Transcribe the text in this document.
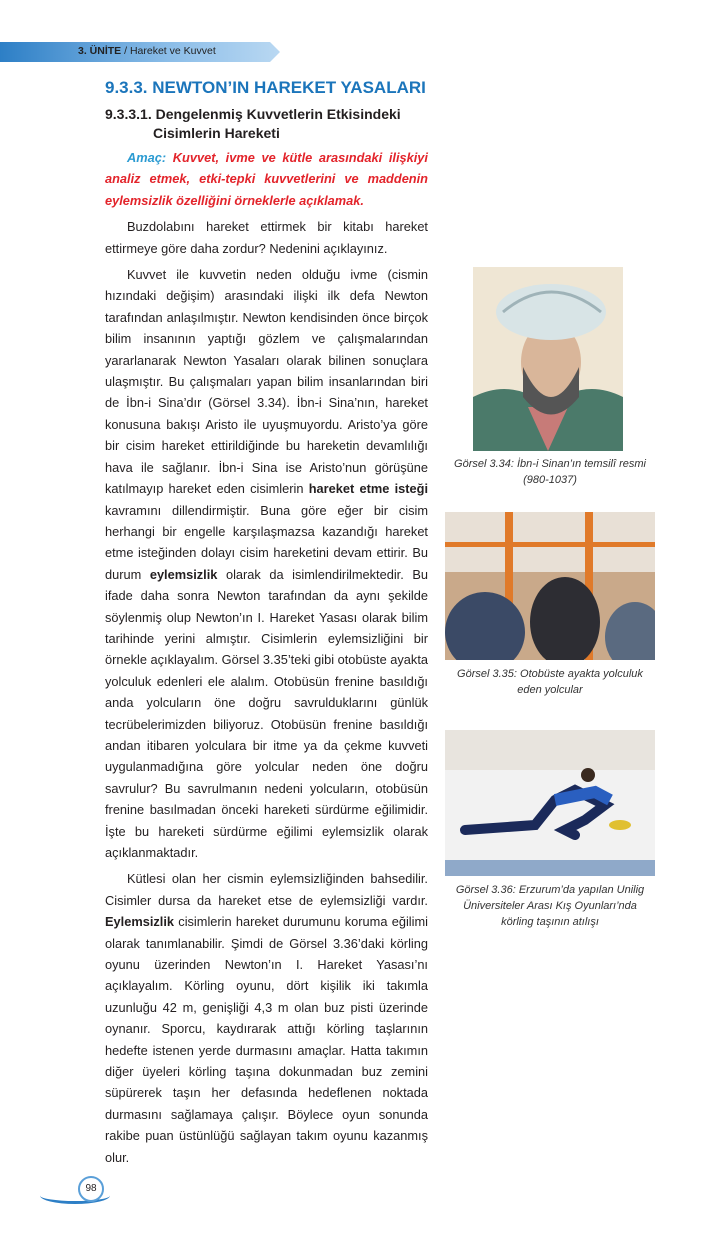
3. ÜNİTE / Hareket ve Kuvvet
9.3.3. NEWTON’IN HAREKET YASALARI
9.3.3.1. Dengelenmiş Kuvvetlerin Etkisindeki
Cisimlerin Hareketi
Amaç: Kuvvet, ivme ve kütle arasındaki ilişkiyi analiz etmek, etki-tepki kuvvetlerini ve maddenin eylemsizlik özelliğini örneklerle açıklamak.
Buzdolabını hareket ettirmek bir kitabı hareket ettirmeye göre daha zordur? Nedenini açıklayınız.
Kuvvet ile kuvvetin neden olduğu ivme (cismin hızındaki değişim) arasındaki ilişki ilk defa Newton tarafından anlaşılmıştır. Newton kendisinden önce birçok bilim insanının yaptığı gözlem ve çalışmalarından yararlanarak Newton Yasaları olarak bilinen sonuçlara ulaşmıştır. Bu çalışmaları yapan bilim insanlarından biri de İbn-i Sina’dır (Görsel 3.34). İbn-i Sina’nın, hareket konusuna bakışı Aristo ile uyuşmuyordu. Aristo’ya göre bir cisim hareket ettirildiğinde bu hareketin devamlılığı hava ile sağlanır. İbn-i Sina ise Aristo’nun görüşüne katılmayıp hareket eden cisimlerin hareket etme isteği kavramını dillendirmiştir. Buna göre eğer bir cisim herhangi bir engelle karşılaşmazsa kazandığı hareket etme isteğinden dolayı cisim hareketini devam ettirir. Bu durum eylemsizlik olarak da isimlendirilmektedir. Bu ifade daha sonra Newton tarafından da aynı şekilde söylenmiş olup Newton’ın I. Hareket Yasası olarak bilim tarihinde yerini almıştır. Cisimlerin eylemsizliğini bir örnekle açıklayalım. Görsel 3.35’teki gibi otobüste ayakta yolculuk edenleri ele alalım. Otobüsün frenine basıldığı anda yolcuların öne doğru savrulduklarını günlük tecrübelerimizden biliyoruz. Otobüsün frenine basıldığı andan itibaren yolculara bir itme ya da çekme kuvveti uygulanmadığına göre yolcular neden öne doğru savrulur? Bu savrulmanın nedeni yolcuların, otobüsün frenine basılmadan önceki hareketi sürdürme eğilimidir. İşte bu hareketi sürdürme eğilimi eylemsizlik olarak açıklanmaktadır.
Kütlesi olan her cismin eylemsizliğinden bahsedilir. Cisimler dursa da hareket etse de eylemsizliği vardır. Eylemsizlik cisimlerin hareket durumunu koruma eğilimi olarak tanımlanabilir. Şimdi de Görsel 3.36’daki körling oyunu üzerinden Newton’ın I. Hareket Yasası’nı açıklayalım. Körling oyunu, dört kişilik iki takımla uzunluğu 42 m, genişliği 4,3 m olan buz pisti üzerinde oynanır. Sporcu, kaydırarak attığı körling taşlarının hedefte istenen yerde durmasını amaçlar. Hatta takımın diğer üyeleri körling taşına dokunmadan buz zemini süpürerek taşın her defasında hedeflenen noktada durmasını sağlamaya çalışır. Böylece oyun sonunda rakibe puan üstünlüğü sağlayan takım oyunu kazanmış olur.
98
Görsel 3.34: İbn-i Sinan’ın temsilî resmi (980-1037)
Görsel 3.35: Otobüste ayakta yolculuk eden yolcular
Görsel 3.36: Erzurum’da yapılan Unilig Üniversiteler Arası Kış Oyunları’nda körling taşının atılışı
